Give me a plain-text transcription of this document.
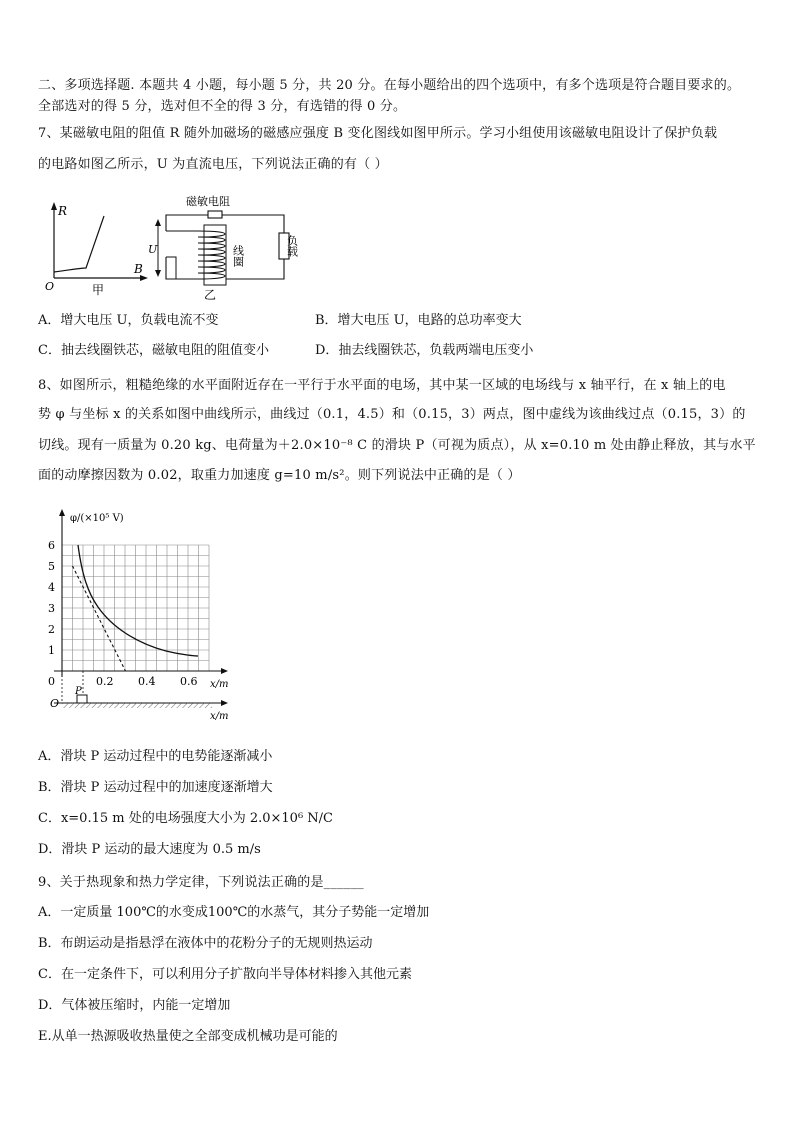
二、多项选择题. 本题共 4 小题，每小题 5 分，共 20 分。在每小题给出的四个选项中，有多个选项是符合题目要求的。
全部选对的得 5 分，选对但不全的得 3 分，有选错的得 0 分。
7、某磁敏电阻的阻值 R 随外加磁场的磁感应强度 B 变化图线如图甲所示。学习小组使用该磁敏电阻设计了保护负载
的电路如图乙所示，U 为直流电压，下列说法正确的有（ ）
R
B
O	甲
磁敏电阻
U	线圈	负载
乙
A．增大电压 U，负载电流不变	B．增大电压 U，电路的总功率变大
C．抽去线圈铁芯，磁敏电阻的阻值变小	D．抽去线圈铁芯，负载两端电压变小
8、如图所示，粗糙绝缘的水平面附近存在一平行于水平面的电场，其中某一区域的电场线与 x 轴平行，在 x 轴上的电
势 φ 与坐标 x 的关系如图中曲线所示，曲线过（0.1，4.5）和（0.15，3）两点，图中虚线为该曲线过点（0.15，3）的
切线。现有一质量为 0.20 kg、电荷量为＋2.0×10⁻⁸ C 的滑块 P（可视为质点），从 x=0.10 m 处由静止释放，其与水平
面的动摩擦因数为 0.02，取重力加速度 g=10 m/s²。则下列说法中正确的是（ ）
6
5
4
3
2
1
0	0.2 0.4 0.6 x/m
x/m
O
P
φ/(×10⁵ V)
A．滑块 P 运动过程中的电势能逐渐减小
B．滑块 P 运动过程中的加速度逐渐增大
C．x=0.15 m 处的电场强度大小为 2.0×10⁶ N/C
D．滑块 P 运动的最大速度为 0.5 m/s
9、关于热现象和热力学定律，下列说法正确的是______
A．一定质量 100℃的水变成100℃的水蒸气，其分子势能一定增加
B．布朗运动是指悬浮在液体中的花粉分子的无规则热运动
C．在一定条件下，可以利用分子扩散向半导体材料掺入其他元素
D．气体被压缩时，内能一定增加
E.从单一热源吸收热量使之全部变成机械功是可能的
